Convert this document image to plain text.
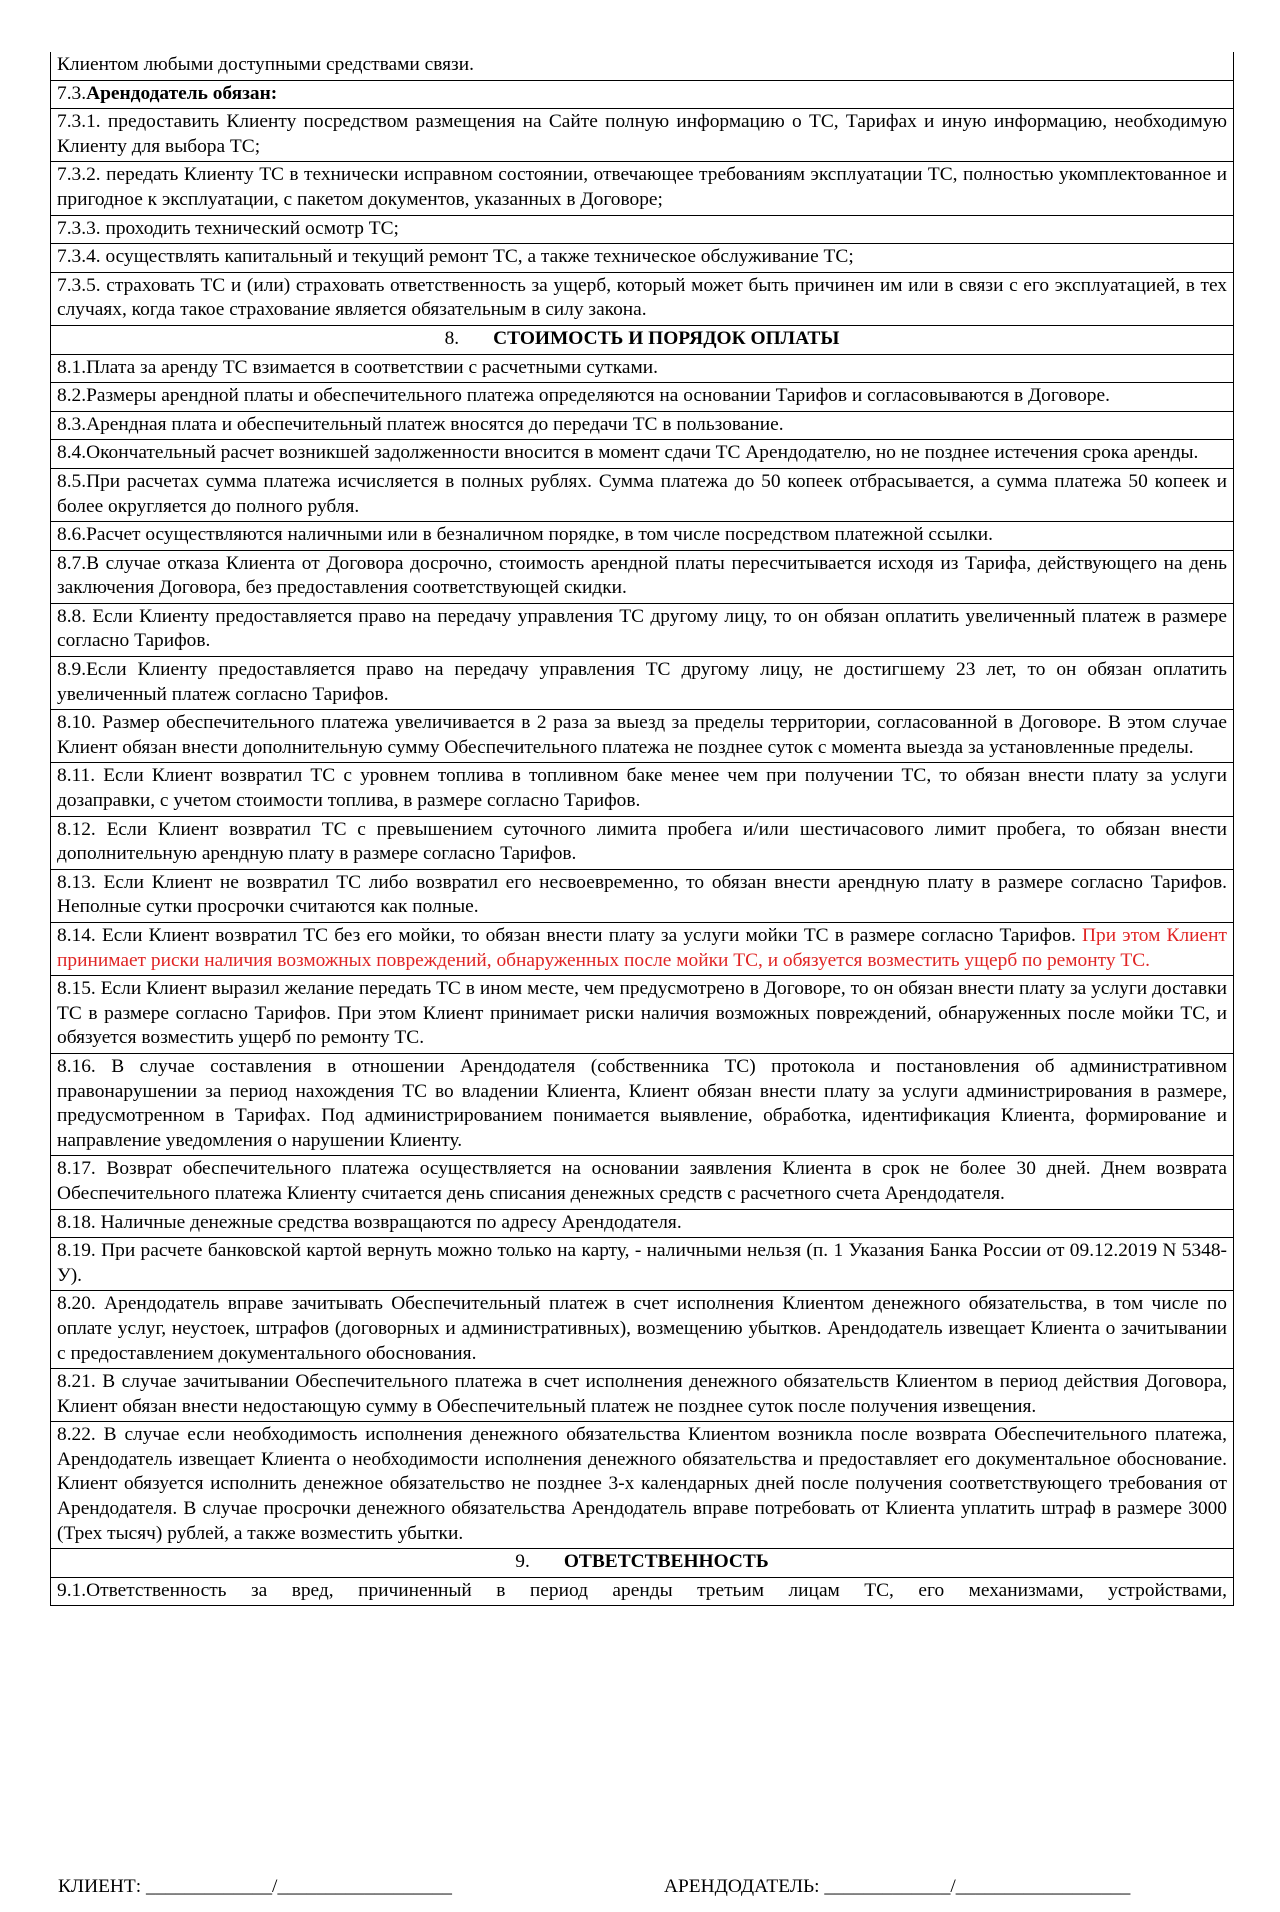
Клиентом любыми доступными средствами связи.
7.3.Арендодатель обязан:
7.3.1. предоставить Клиенту посредством размещения на Сайте полную информацию о ТС, Тарифах и иную информацию, необходимую Клиенту для выбора ТС;
7.3.2. передать Клиенту ТС в технически исправном состоянии, отвечающее требованиям эксплуатации ТС, полностью укомплектованное и пригодное к эксплуатации, с пакетом документов, указанных в Договоре;
7.3.3. проходить технический осмотр ТС;
7.3.4. осуществлять капитальный и текущий ремонт ТС, а также техническое обслуживание ТС;
7.3.5. страховать ТС и (или) страховать ответственность за ущерб, который может быть причинен им или в связи с его эксплуатацией, в тех случаях, когда такое страхование является обязательным в силу закона.
8. СТОИМОСТЬ И ПОРЯДОК ОПЛАТЫ
8.1.Плата за аренду ТС взимается в соответствии с расчетными сутками.
8.2.Размеры арендной платы и обеспечительного платежа определяются на основании Тарифов и согласовываются в Договоре.
8.3.Арендная плата и обеспечительный платеж вносятся до передачи ТС в пользование.
8.4.Окончательный расчет возникшей задолженности вносится в момент сдачи ТС Арендодателю, но не позднее истечения срока аренды.
8.5.При расчетах сумма платежа исчисляется в полных рублях. Сумма платежа до 50 копеек отбрасывается, а сумма платежа 50 копеек и более округляется до полного рубля.
8.6.Расчет осуществляются наличными или в безналичном порядке, в том числе посредством платежной ссылки.
8.7.В случае отказа Клиента от Договора досрочно, стоимость арендной платы пересчитывается исходя из Тарифа, действующего на день заключения Договора, без предоставления соответствующей скидки.
8.8. Если Клиенту предоставляется право на передачу управления ТС другому лицу, то он обязан оплатить увеличенный платеж в размере согласно Тарифов.
8.9.Если Клиенту предоставляется право на передачу управления ТС другому лицу, не достигшему 23 лет, то он обязан оплатить увеличенный платеж согласно Тарифов.
8.10. Размер обеспечительного платежа увеличивается в 2 раза за выезд за пределы территории, согласованной в Договоре. В этом случае Клиент обязан внести дополнительную сумму Обеспечительного платежа не позднее суток с момента выезда за установленные пределы.
8.11. Если Клиент возвратил ТС с уровнем топлива в топливном баке менее чем при получении ТС, то обязан внести плату за услуги дозаправки, с учетом стоимости топлива, в размере согласно Тарифов.
8.12. Если Клиент возвратил ТС с превышением суточного лимита пробега и/или шестичасового лимит пробега, то обязан внести дополнительную арендную плату в размере согласно Тарифов.
8.13. Если Клиент не возвратил ТС либо возвратил его несвоевременно, то обязан внести арендную плату в размере согласно Тарифов. Неполные сутки просрочки считаются как полные.
8.14. Если Клиент возвратил ТС без его мойки, то обязан внести плату за услуги мойки ТС в размере согласно Тарифов. При этом Клиент принимает риски наличия возможных повреждений, обнаруженных после мойки ТС, и обязуется возместить ущерб по ремонту ТС.
8.15. Если Клиент выразил желание передать ТС в ином месте, чем предусмотрено в Договоре, то он обязан внести плату за услуги доставки ТС в размере согласно Тарифов. При этом Клиент принимает риски наличия возможных повреждений, обнаруженных после мойки ТС, и обязуется возместить ущерб по ремонту ТС.
8.16. В случае составления в отношении Арендодателя (собственника ТС) протокола и постановления об административном правонарушении за период нахождения ТС во владении Клиента, Клиент обязан внести плату за услуги администрирования в размере, предусмотренном в Тарифах. Под администрированием понимается выявление, обработка, идентификация Клиента, формирование и направление уведомления о нарушении Клиенту.
8.17. Возврат обеспечительного платежа осуществляется на основании заявления Клиента в срок не более 30 дней. Днем возврата Обеспечительного платежа Клиенту считается день списания денежных средств с расчетного счета Арендодателя.
8.18. Наличные денежные средства возвращаются по адресу Арендодателя.
8.19. При расчете банковской картой вернуть можно только на карту, - наличными нельзя (п. 1 Указания Банка России от 09.12.2019 N 5348-У).
8.20. Арендодатель вправе зачитывать Обеспечительный платеж в счет исполнения Клиентом денежного обязательства, в том числе по оплате услуг, неустоек, штрафов (договорных и административных), возмещению убытков. Арендодатель извещает Клиента о зачитывании с предоставлением документального обоснования.
8.21. В случае зачитывании Обеспечительного платежа в счет исполнения денежного обязательств Клиентом в период действия Договора, Клиент обязан внести недостающую сумму в Обеспечительный платеж не позднее суток после получения извещения.
8.22. В случае если необходимость исполнения денежного обязательства Клиентом возникла после возврата Обеспечительного платежа, Арендодатель извещает Клиента о необходимости исполнения денежного обязательства и предоставляет его документальное обоснование. Клиент обязуется исполнить денежное обязательство не позднее 3-х календарных дней после получения соответствующего требования от Арендодателя. В случае просрочки денежного обязательства Арендодатель вправе потребовать от Клиента уплатить штраф в размере 3000 (Трех тысяч) рублей, а также возместить убытки.
9. ОТВЕТСТВЕННОСТЬ

9.1.Ответственность за вред, причиненный в период аренды третьим лицам ТС, его механизмами, устройствами,
КЛИЕНТ: _____________/__________________	АРЕНДОДАТЕЛЬ: _____________/__________________
